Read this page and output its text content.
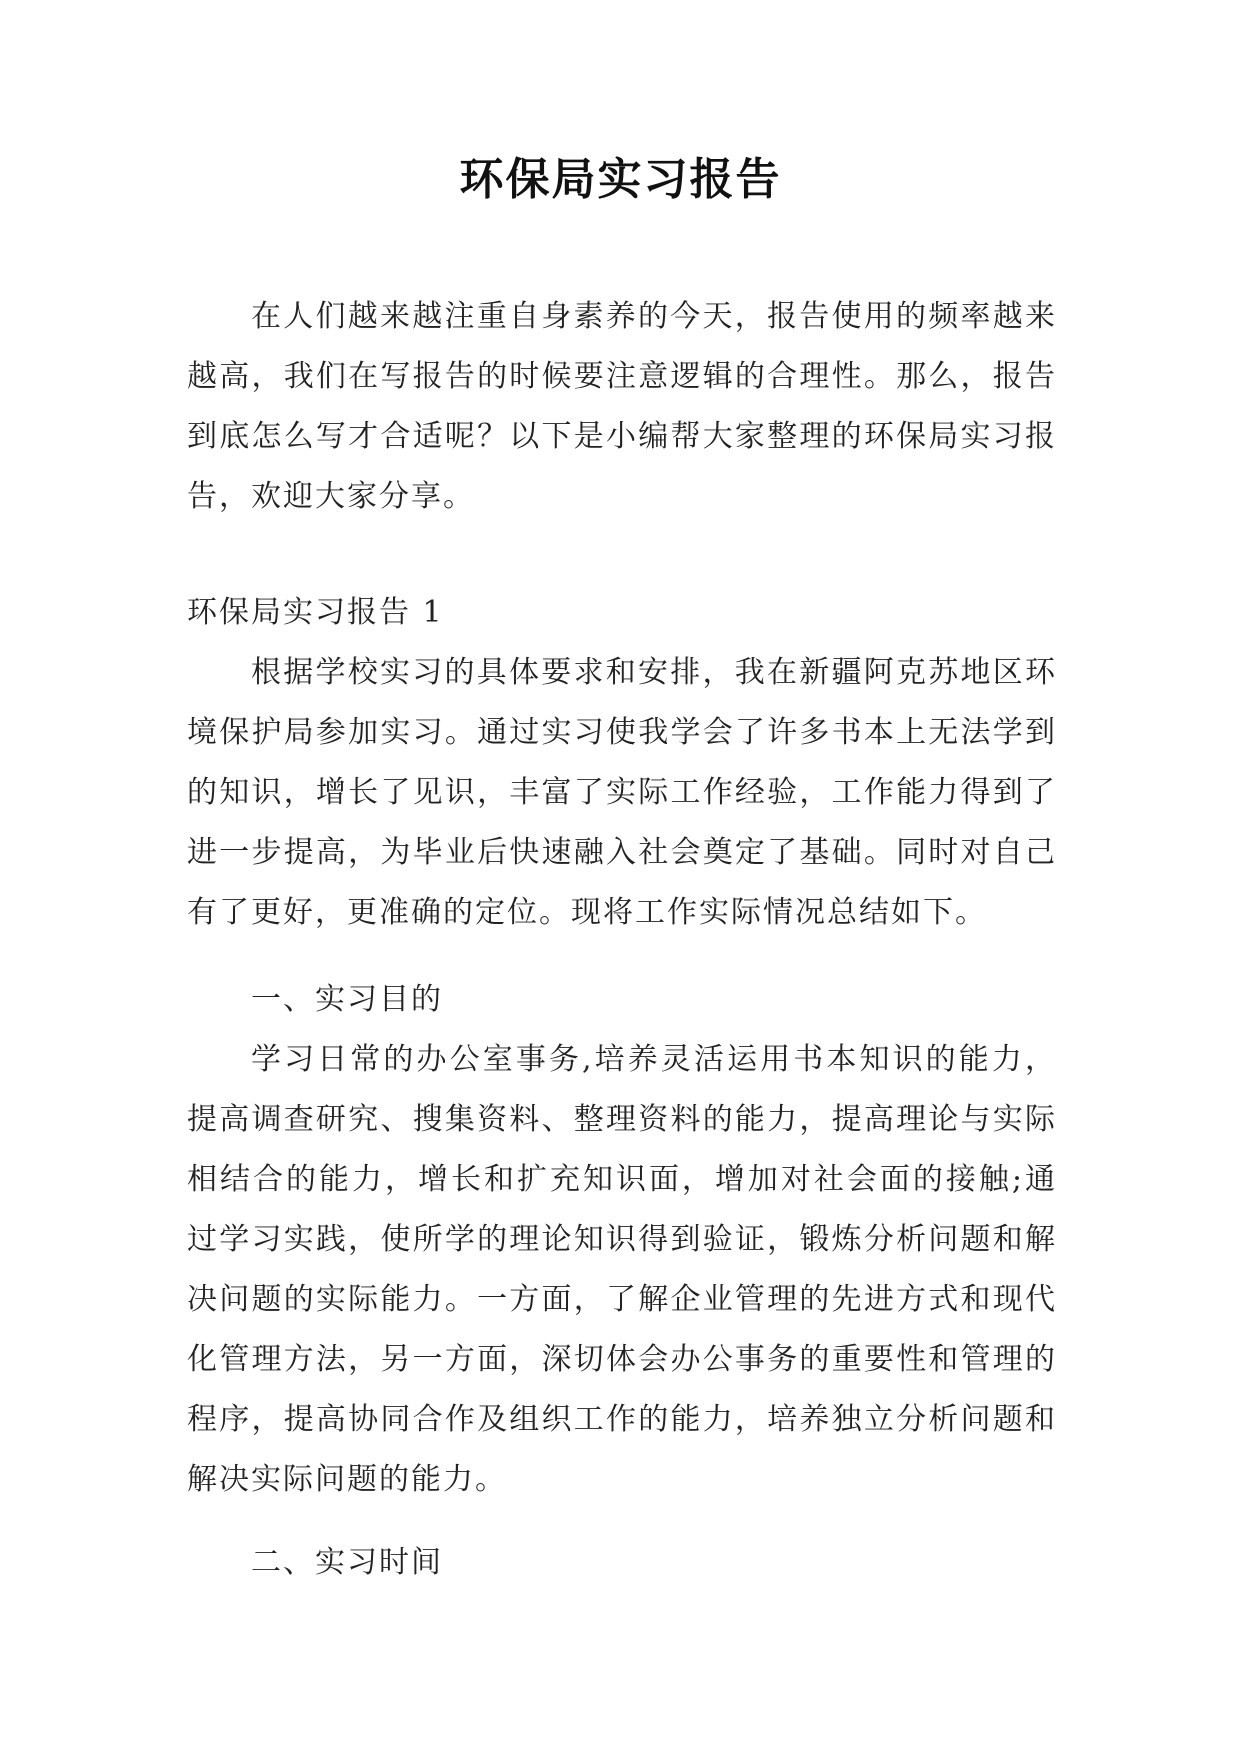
环保局实习报告

在人们越来越注重自身素养的今天，报告使用的频率越来越高，我们在写报告的时候要注意逻辑的合理性。那么，报告到底怎么写才合适呢？以下是小编帮大家整理的环保局实习报告，欢迎大家分享。

环保局实习报告 1

根据学校实习的具体要求和安排，我在新疆阿克苏地区环境保护局参加实习。通过实习使我学会了许多书本上无法学到的知识，增长了见识，丰富了实际工作经验，工作能力得到了进一步提高，为毕业后快速融入社会奠定了基础。同时对自己有了更好，更准确的定位。现将工作实际情况总结如下。

一、实习目的

学习日常的办公室事务,培养灵活运用书本知识的能力，提高调查研究、搜集资料、整理资料的能力，提高理论与实际相结合的能力，增长和扩充知识面，增加对社会面的接触;通过学习实践，使所学的理论知识得到验证，锻炼分析问题和解决问题的实际能力。一方面，了解企业管理的先进方式和现代化管理方法，另一方面，深切体会办公事务的重要性和管理的程序，提高协同合作及组织工作的能力，培养独立分析问题和解决实际问题的能力。

二、实习时间
